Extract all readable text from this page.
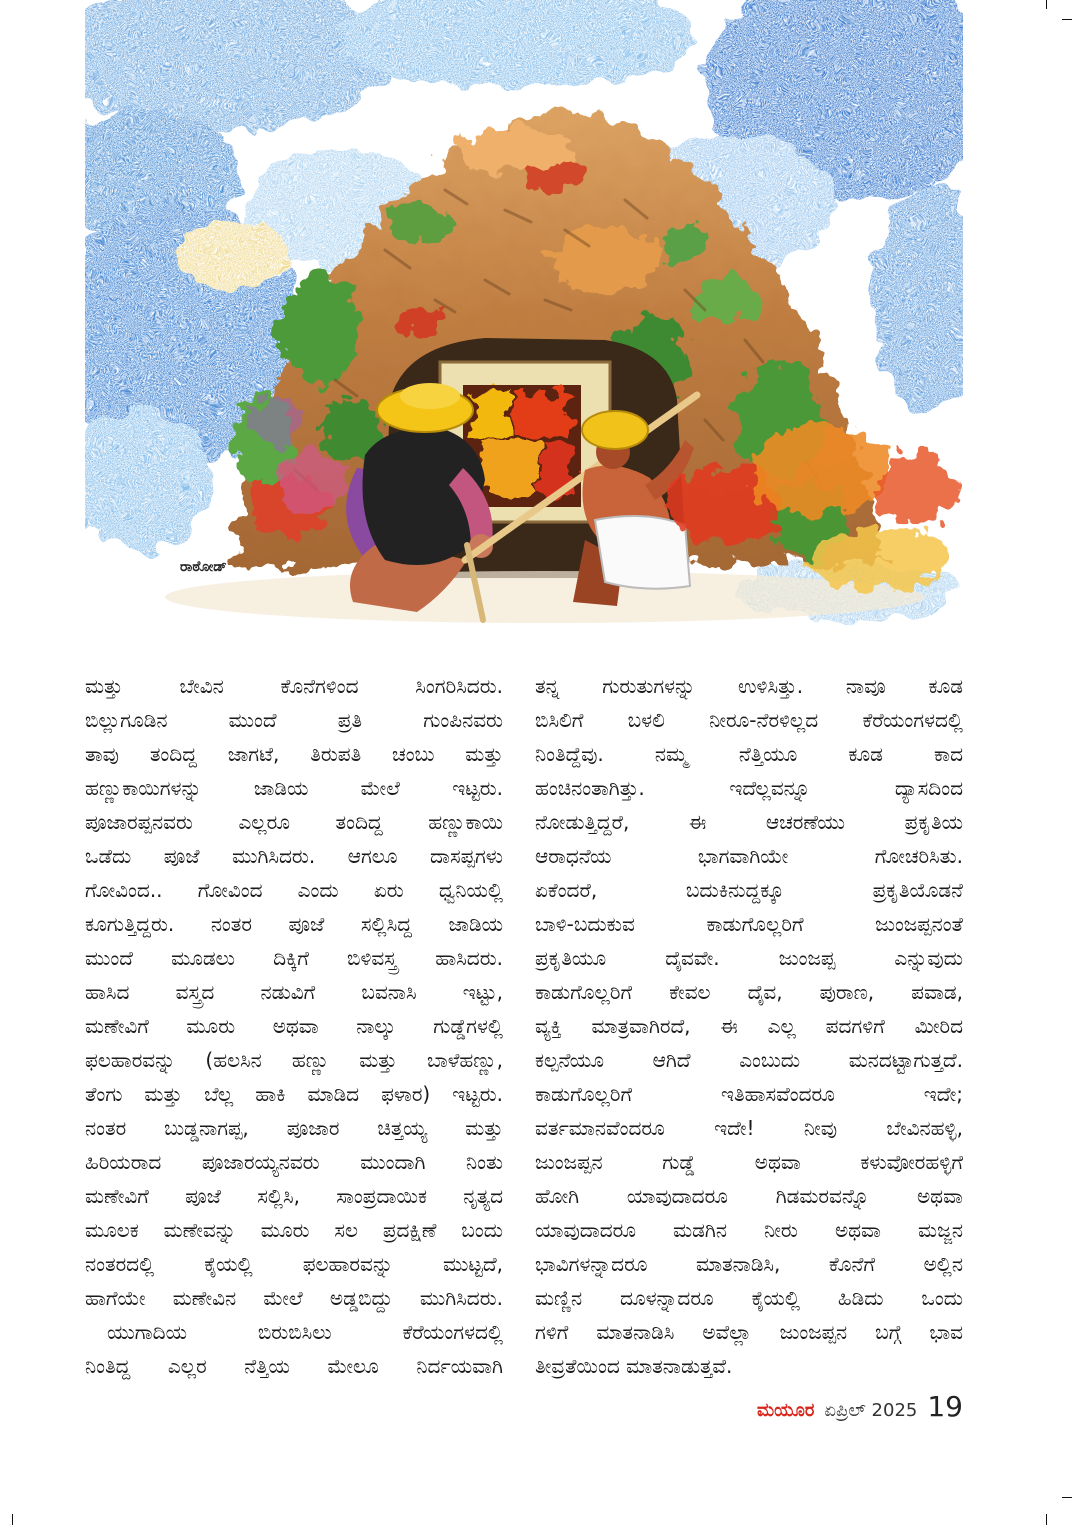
ರಾಠೋಡ್
ಮತ್ತು ಬೇವಿನ ಕೊನೆಗಳಿಂದ ಸಿಂಗರಿಸಿದರು.
ಬಿಲ್ಲುಗೂಡಿನ ಮುಂದೆ ಪ್ರತಿ ಗುಂಪಿನವರು
ತಾವು ತಂದಿದ್ದ ಜಾಗಟೆ, ತಿರುಪತಿ ಚಂಬು ಮತ್ತು
ಹಣ್ಣುಕಾಯಿಗಳನ್ನು ಜಾಡಿಯ ಮೇಲೆ ಇಟ್ಟರು.
ಪೂಜಾರಪ್ಪನವರು ಎಲ್ಲರೂ ತಂದಿದ್ದ ಹಣ್ಣುಕಾಯಿ
ಒಡೆದು ಪೂಜೆ ಮುಗಿಸಿದರು. ಆಗಲೂ ದಾಸಪ್ಪಗಳು
ಗೋವಿಂದ.. ಗೋವಿಂದ ಎಂದು ಏರು ಧ್ವನಿಯಲ್ಲಿ
ಕೂಗುತ್ತಿದ್ದರು. ನಂತರ ಪೂಜೆ ಸಲ್ಲಿಸಿದ್ದ ಜಾಡಿಯ
ಮುಂದೆ ಮೂಡಲು ದಿಕ್ಕಿಗೆ ಬಿಳಿವಸ್ತ್ರ ಹಾಸಿದರು.
ಹಾಸಿದ ವಸ್ತ್ರದ ನಡುವಿಗೆ ಬವನಾಸಿ ಇಟ್ಟು,
ಮಣೇವಿಗೆ ಮೂರು ಅಥವಾ ನಾಲ್ಕು ಗುಡ್ಡೆಗಳಲ್ಲಿ
ಫಲಹಾರವನ್ನು (ಹಲಸಿನ ಹಣ್ಣು ಮತ್ತು ಬಾಳೆಹಣ್ಣು,
ತೆಂಗು ಮತ್ತು ಬೆಲ್ಲ ಹಾಕಿ ಮಾಡಿದ ಫಳಾರ) ಇಟ್ಟರು.
ನಂತರ ಬುಡ್ಡನಾಗಪ್ಪ, ಪೂಜಾರ ಚಿತ್ತಯ್ಯ ಮತ್ತು
ಹಿರಿಯರಾದ ಪೂಜಾರಯ್ಯನವರು ಮುಂದಾಗಿ ನಿಂತು
ಮಣೇವಿಗೆ ಪೂಜೆ ಸಲ್ಲಿಸಿ, ಸಾಂಪ್ರದಾಯಿಕ ನೃತ್ಯದ
ಮೂಲಕ ಮಣೇವನ್ನು ಮೂರು ಸಲ ಪ್ರದಕ್ಷಿಣೆ ಬಂದು
ನಂತರದಲ್ಲಿ ಕೈಯಲ್ಲಿ ಫಲಹಾರವನ್ನು ಮುಟ್ಟದೆ,
ಹಾಗೆಯೇ ಮಣೇವಿನ ಮೇಲೆ ಅಡ್ಡಬಿದ್ದು ಮುಗಿಸಿದರು.
ಯುಗಾದಿಯ ಬಿರುಬಿಸಿಲು ಕೆರೆಯಂಗಳದಲ್ಲಿ
ನಿಂತಿದ್ದ ಎಲ್ಲರ ನೆತ್ತಿಯ ಮೇಲೂ ನಿರ್ದಯವಾಗಿ
ತನ್ನ ಗುರುತುಗಳನ್ನು ಉಳಿಸಿತ್ತು. ನಾವೂ ಕೂಡ
ಬಿಸಿಲಿಗೆ ಬಳಲಿ ನೀರೂ-ನೆರಳಿಲ್ಲದ ಕೆರೆಯಂಗಳದಲ್ಲಿ
ನಿಂತಿದ್ದೆವು. ನಮ್ಮ ನೆತ್ತಿಯೂ ಕೂಡ ಕಾದ
ಹಂಚಿನಂತಾಗಿತ್ತು. ಇದೆಲ್ಲವನ್ನೂ ದ್ಯಾಸದಿಂದ
ನೋಡುತ್ತಿದ್ದರೆ, ಈ ಆಚರಣೆಯು ಪ್ರಕೃತಿಯ
ಆರಾಧನೆಯ ಭಾಗವಾಗಿಯೇ ಗೋಚರಿಸಿತು.
ಏಕೆಂದರೆ, ಬದುಕಿನುದ್ದಕ್ಕೂ ಪ್ರಕೃತಿಯೊಡನೆ
ಬಾಳಿ-ಬದುಕುವ ಕಾಡುಗೊಲ್ಲರಿಗೆ ಜುಂಜಪ್ಪನಂತೆ
ಪ್ರಕೃತಿಯೂ ದೈವವೇ. ಜುಂಜಪ್ಪ ಎನ್ನುವುದು
ಕಾಡುಗೊಲ್ಲರಿಗೆ ಕೇವಲ ದೈವ, ಪುರಾಣ, ಪವಾಡ,
ವ್ಯಕ್ತಿ ಮಾತ್ರವಾಗಿರದೆ, ಈ ಎಲ್ಲ ಪದಗಳಿಗೆ ಮೀರಿದ
ಕಲ್ಪನೆಯೂ ಆಗಿದೆ ಎಂಬುದು ಮನದಟ್ಟಾಗುತ್ತದೆ.
ಕಾಡುಗೊಲ್ಲರಿಗೆ ಇತಿಹಾಸವೆಂದರೂ ಇದೇ;
ವರ್ತಮಾನವೆಂದರೂ ಇದೇ! ನೀವು ಬೇವಿನಹಳ್ಳಿ,
ಜುಂಜಪ್ಪನ ಗುಡ್ಡೆ ಅಥವಾ ಕಳುವೋರಹಳ್ಳಿಗೆ
ಹೋಗಿ ಯಾವುದಾದರೂ ಗಿಡಮರವನ್ನೊ ಅಥವಾ
ಯಾವುದಾದರೂ ಮಡಗಿನ ನೀರು ಅಥವಾ ಮಜ್ಜನ
ಭಾವಿಗಳನ್ನಾದರೂ ಮಾತನಾಡಿಸಿ, ಕೊನೆಗೆ ಅಲ್ಲಿನ
ಮಣ್ಣಿನ ದೂಳನ್ನಾದರೂ ಕೈಯಲ್ಲಿ ಹಿಡಿದು ಒಂದು
ಗಳಿಗೆ ಮಾತನಾಡಿಸಿ ಅವೆಲ್ಲಾ ಜುಂಜಪ್ಪನ ಬಗ್ಗೆ ಭಾವ
ತೀವ್ರತೆಯಿಂದ ಮಾತನಾಡುತ್ತವೆ.
ಮಯೂರ ಏಪ್ರಿಲ್ 2025 19
